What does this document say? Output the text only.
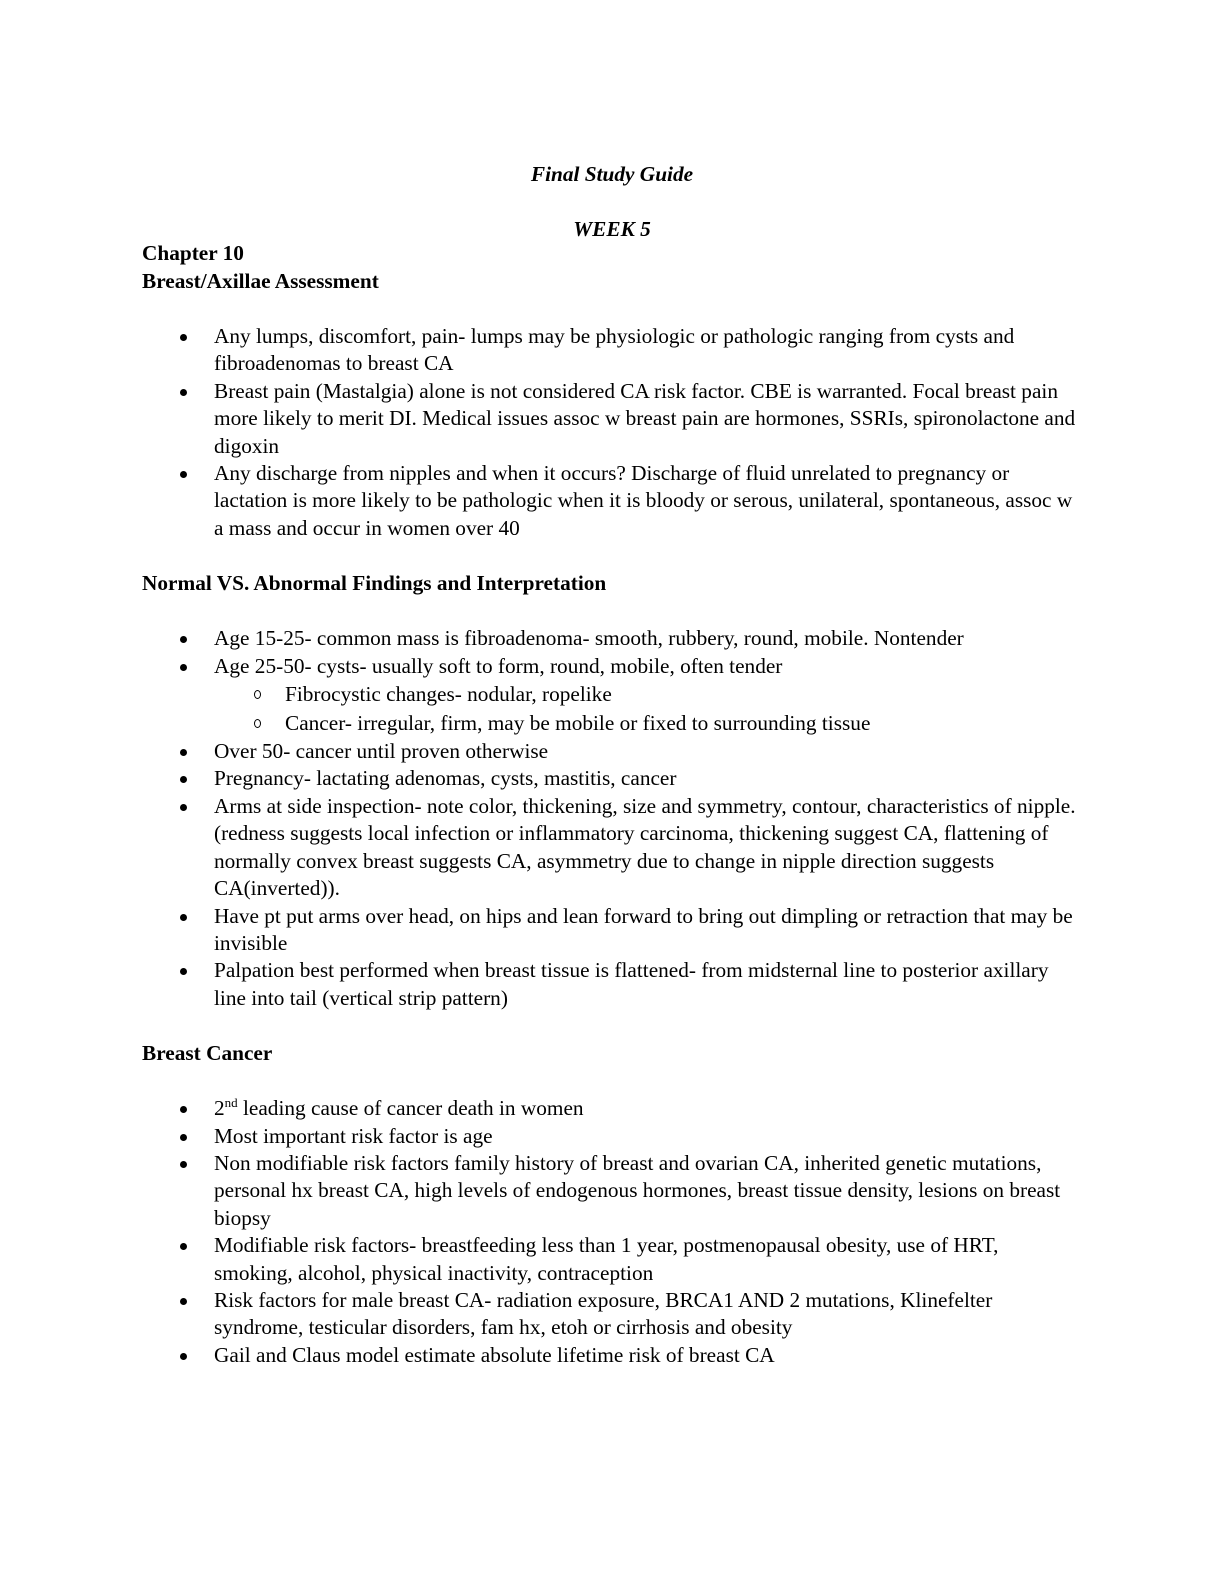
Final Study Guide

WEEK 5

Chapter 10

Breast/Axillae Assessment

Any lumps, discomfort, pain- lumps may be physiologic or pathologic ranging from cysts and fibroadenomas to breast CA
Breast pain (Mastalgia) alone is not considered CA risk factor. CBE is warranted. Focal breast pain more likely to merit DI. Medical issues assoc w breast pain are hormones, SSRIs, spironolactone and digoxin
Any discharge from nipples and when it occurs? Discharge of fluid unrelated to pregnancy or lactation is more likely to be pathologic when it is bloody or serous, unilateral, spontaneous, assoc w a mass and occur in women over 40

Normal VS. Abnormal Findings and Interpretation

Age 15-25- common mass is fibroadenoma- smooth, rubbery, round, mobile. Nontender
Age 25-50- cysts- usually soft to form, round, mobile, often tender
Fibrocystic changes- nodular, ropelike
Cancer- irregular, firm, may be mobile or fixed to surrounding tissue
Over 50- cancer until proven otherwise
Pregnancy- lactating adenomas, cysts, mastitis, cancer
Arms at side inspection- note color, thickening, size and symmetry, contour, characteristics of nipple. (redness suggests local infection or inflammatory carcinoma, thickening suggest CA, flattening of normally convex breast suggests CA, asymmetry due to change in nipple direction suggests CA(inverted)).
Have pt put arms over head, on hips and lean forward to bring out dimpling or retraction that may be invisible
Palpation best performed when breast tissue is flattened- from midsternal line to posterior axillary line into tail (vertical strip pattern)

Breast Cancer

2nd leading cause of cancer death in women
Most important risk factor is age
Non modifiable risk factors family history of breast and ovarian CA, inherited genetic mutations, personal hx breast CA, high levels of endogenous hormones, breast tissue density, lesions on breast biopsy
Modifiable risk factors- breastfeeding less than 1 year, postmenopausal obesity, use of HRT, smoking, alcohol, physical inactivity, contraception
Risk factors for male breast CA- radiation exposure, BRCA1 AND 2 mutations, Klinefelter syndrome, testicular disorders, fam hx, etoh or cirrhosis and obesity
Gail and Claus model estimate absolute lifetime risk of breast CA
